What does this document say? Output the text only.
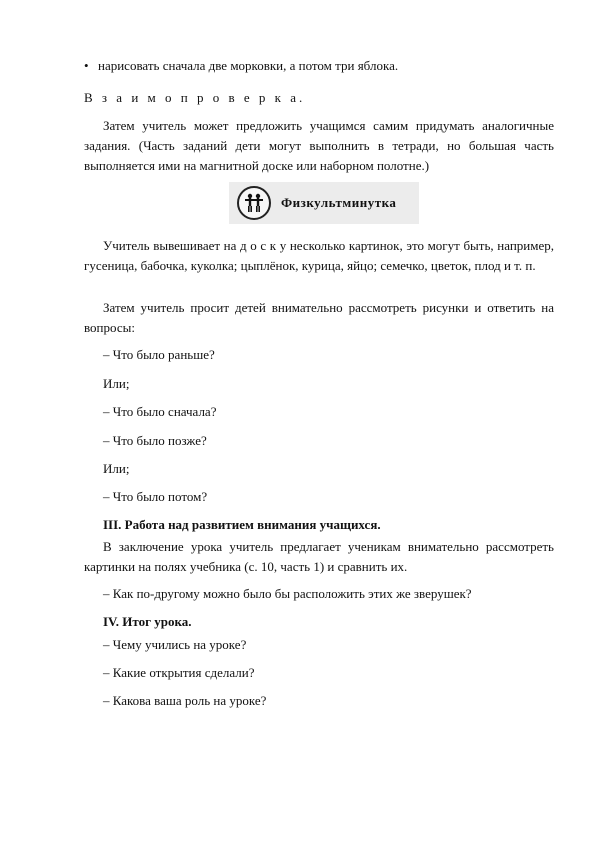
• нарисовать сначала две морковки, а потом три яблока.

В з а и м о п р о в е р к а.

Затем учитель может предложить учащимся самим придумать аналогичные задания. (Часть заданий дети могут выполнить в тетради, но большая часть выполняется ими на магнитной доске или наборном полотне.)

Физкультминутка

Учитель вывешивает на д о с к у несколько картинок, это могут быть, например, гусеница, бабочка, куколка; цыплёнок, курица, яйцо; семечко, цветок, плод и т. п.

Затем учитель просит детей внимательно рассмотреть рисунки и ответить на вопросы:

– Что было раньше?

Или;

– Что было сначала?

– Что было позже?

Или;

– Что было потом?

III. Работа над развитием внимания учащихся.

В заключение урока учитель предлагает ученикам внимательно рассмотреть картинки на полях учебника (с. 10, часть 1) и сравнить их.

– Как по-другому можно было бы расположить этих же зверушек?

IV. Итог урока.

– Чему учились на уроке?

– Какие открытия сделали?

– Какова ваша роль на уроке?
